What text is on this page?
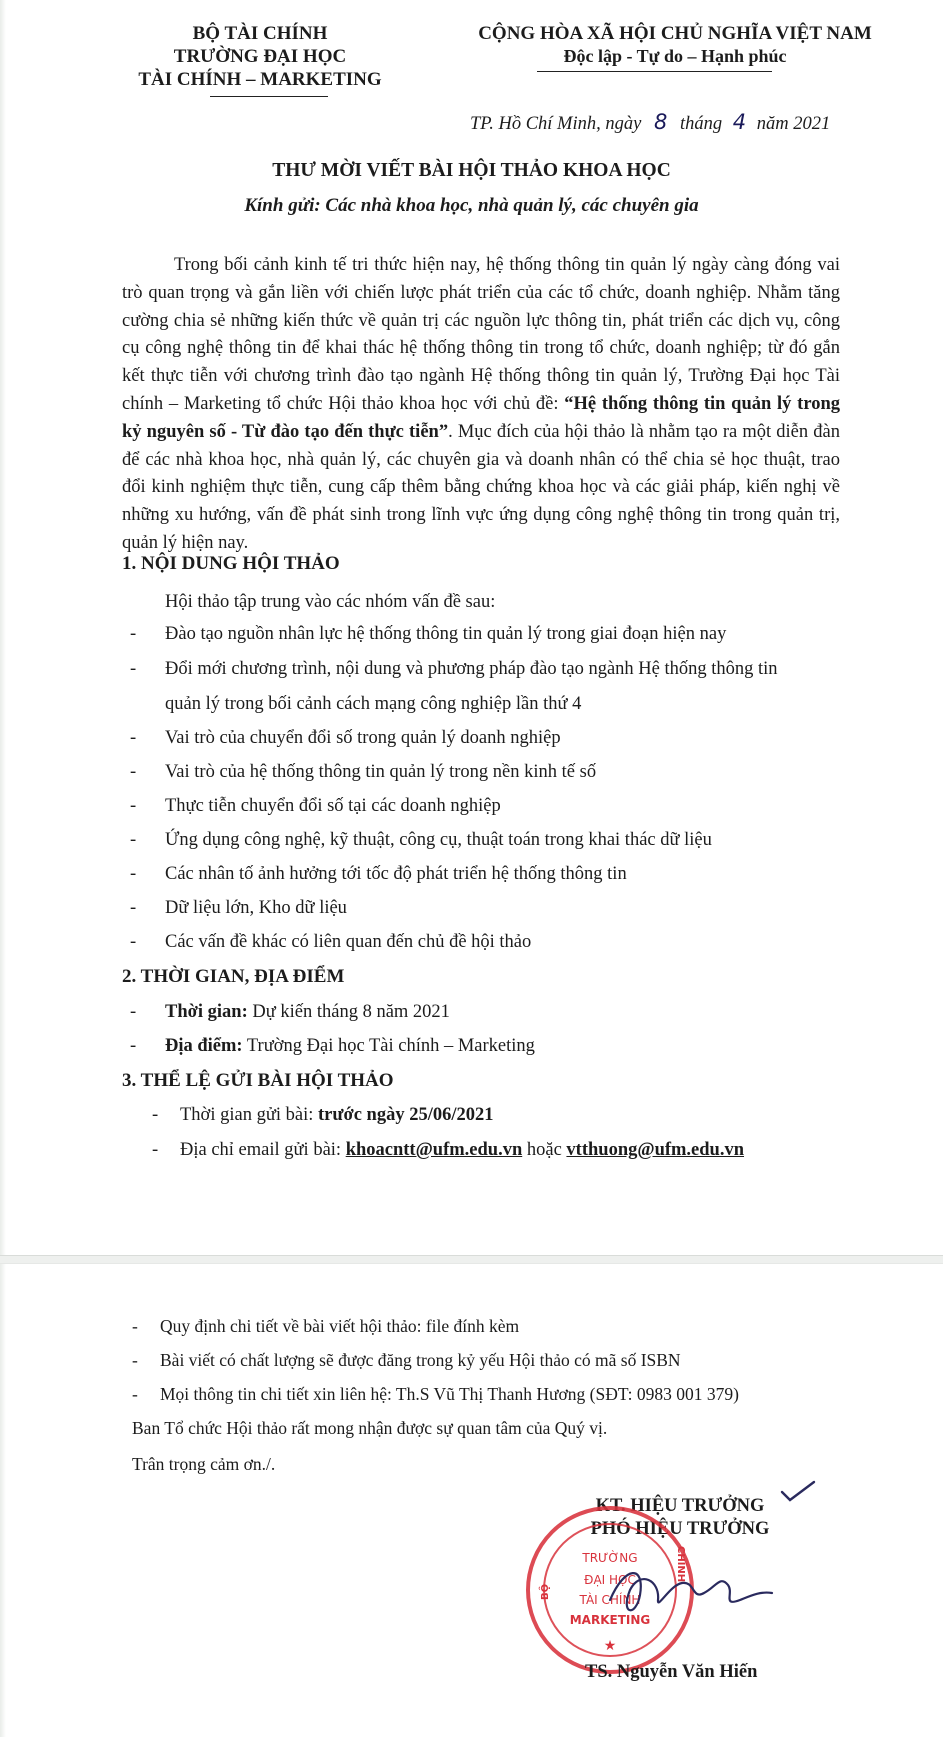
BỘ TÀI CHÍNH
TRƯỜNG ĐẠI HỌC
TÀI CHÍNH – MARKETING
CỘNG HÒA XÃ HỘI CHỦ NGHĨA VIỆT NAM
Độc lập - Tự do – Hạnh phúc
TP. Hồ Chí Minh, ngày 8 tháng 4 năm 2021
THƯ MỜI VIẾT BÀI HỘI THẢO KHOA HỌC
Kính gửi: Các nhà khoa học, nhà quản lý, các chuyên gia
Trong bối cảnh kinh tế tri thức hiện nay, hệ thống thông tin quản lý ngày càng đóng vai trò quan trọng và gắn liền với chiến lược phát triển của các tổ chức, doanh nghiệp. Nhằm tăng cường chia sẻ những kiến thức về quản trị các nguồn lực thông tin, phát triển các dịch vụ, công cụ công nghệ thông tin để khai thác hệ thống thông tin trong tổ chức, doanh nghiệp; từ đó gắn kết thực tiễn với chương trình đào tạo ngành Hệ thống thông tin quản lý, Trường Đại học Tài chính – Marketing tổ chức Hội thảo khoa học với chủ đề: “Hệ thống thông tin quản lý trong kỷ nguyên số - Từ đào tạo đến thực tiễn”. Mục đích của hội thảo là nhằm tạo ra một diễn đàn để các nhà khoa học, nhà quản lý, các chuyên gia và doanh nhân có thể chia sẻ học thuật, trao đổi kinh nghiệm thực tiễn, cung cấp thêm bằng chứng khoa học và các giải pháp, kiến nghị về những xu hướng, vấn đề phát sinh trong lĩnh vực ứng dụng công nghệ thông tin trong quản trị, quản lý hiện nay.
1. NỘI DUNG HỘI THẢO
Hội thảo tập trung vào các nhóm vấn đề sau:
- Đào tạo nguồn nhân lực hệ thống thông tin quản lý trong giai đoạn hiện nay
- Đổi mới chương trình, nội dung và phương pháp đào tạo ngành Hệ thống thông tin
quản lý trong bối cảnh cách mạng công nghiệp lần thứ 4
- Vai trò của chuyển đổi số trong quản lý doanh nghiệp
- Vai trò của hệ thống thông tin quản lý trong nền kinh tế số
- Thực tiễn chuyển đổi số tại các doanh nghiệp
- Ứng dụng công nghệ, kỹ thuật, công cụ, thuật toán trong khai thác dữ liệu
- Các nhân tố ảnh hưởng tới tốc độ phát triển hệ thống thông tin
- Dữ liệu lớn, Kho dữ liệu
- Các vấn đề khác có liên quan đến chủ đề hội thảo
2. THỜI GIAN, ĐỊA ĐIỂM
- Thời gian: Dự kiến tháng 8 năm 2021
- Địa điểm: Trường Đại học Tài chính – Marketing
3. THỂ LỆ GỬI BÀI HỘI THẢO
- Thời gian gửi bài: trước ngày 25/06/2021
- Địa chỉ email gửi bài: khoacntt@ufm.edu.vn hoặc vtthuong@ufm.edu.vn
- Quy định chi tiết về bài viết hội thảo: file đính kèm
- Bài viết có chất lượng sẽ được đăng trong kỷ yếu Hội thảo có mã số ISBN
- Mọi thông tin chi tiết xin liên hệ: Th.S Vũ Thị Thanh Hương (SĐT: 0983 001 379)
Ban Tổ chức Hội thảo rất mong nhận được sự quan tâm của Quý vị.
Trân trọng cảm ơn./.
KT. HIỆU TRƯỞNG
PHÓ HIỆU TRƯỞNG
BỘ
CHÍNH
TRƯỜNG
ĐẠI HỌC
TÀI CHÍNH
MARKETING
★
TS. Nguyễn Văn Hiến
